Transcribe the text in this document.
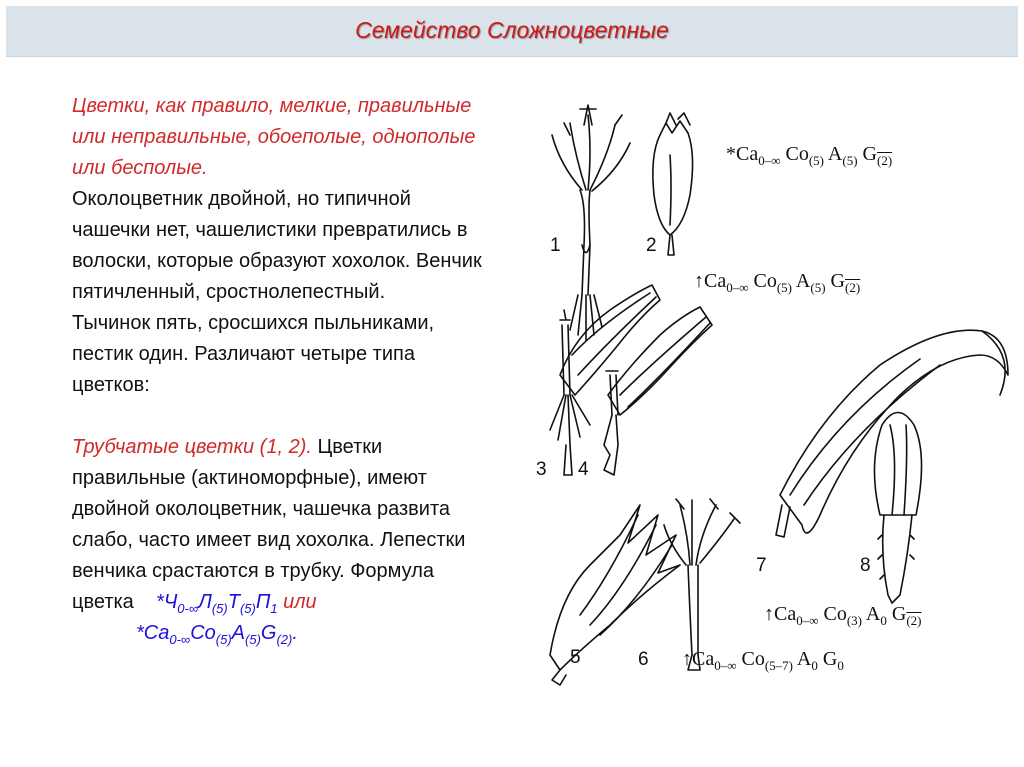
Семейство Сложноцветные

Цветки, как правило, мелкие, правильные или неправильные, обоеполые, однополые или бесполые.

Околоцветник двойной, но типичной чашечки нет, чашелистики превратились в волоски, которые образуют хохолок. Венчик пятичленный, сростнолепестный.

Тычинок пять, сросшихся пыльниками, пестик один. Различают четыре типа цветков:

Трубчатые цветки (1, 2). Цветки правильные (актиноморфные), имеют двойной околоцветник, чашечка развита слабо, часто имеет вид хохолка. Лепестки венчика срастаются в трубку. Формула цветка $*Ч_{0-\infty}Л_{(5)}Т_{(5)}П_1$ или

$*Ca_{0-\infty}Co_{(5)}A_{(5)}G_{(2)}$.

1	2
3 4
5	6
7	8
$*Ca_{0-\infty}$ $Co_{(5)}$ $A_{(5)}$ $G_{(2)}$
$↑Ca_{0-\infty}$ $Co_{(5)}$ $A_{(5)}$ $G_{(2)}$
$↑Ca_{0-\infty}$ $Co_{(3)}$ $A_0$ $G_{(2)}$
$↑Ca_{0-\infty}$ $Co_{(5-7)}$ $A_0$ $G_0$
